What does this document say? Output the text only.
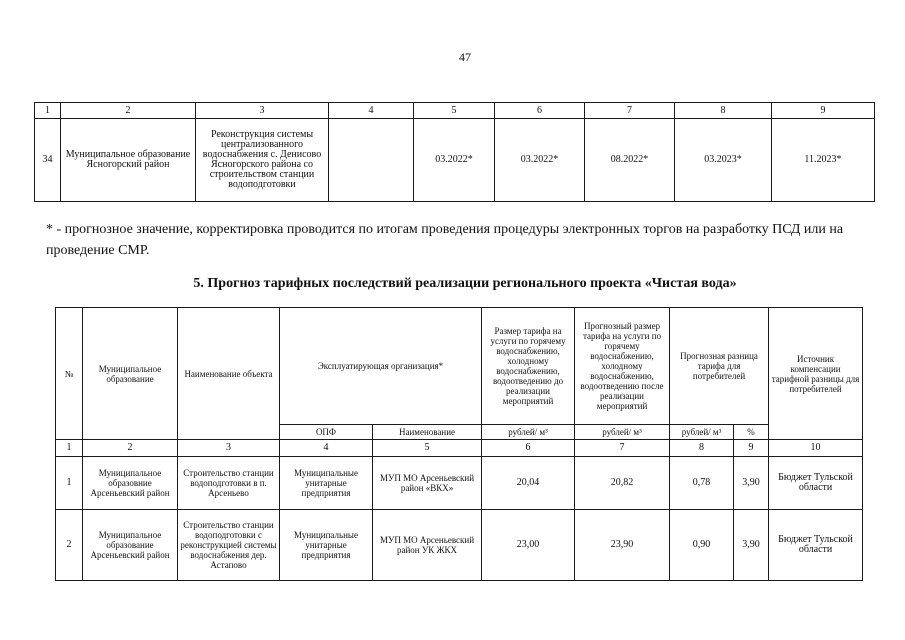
47
1	2	3	4	5	6	7	8	9
34	Муниципальное образование Ясногорский район	Реконструкция системы централизованного водоснабжения с. Денисово Ясногорского района со строительством станции водоподготовки		03.2022*	03.2022*	08.2022*	03.2023*	11.2023*
* - прогнозное значение, корректировка проводится по итогам проведения процедуры электронных торгов на разработку ПСД или на проведение СМР.
5. Прогноз тарифных последствий реализации регионального проекта «Чистая вода»
№	Муниципальное образование	Наименование объекта	Эксплуатирующая организация*		Размер тарифа на услуги по горячему водоснабжению, холодному водоснабжению, водоотведению до реализации мероприятий	Прогнозный размер тарифа на услуги по горячему водоснабжению, холодному водоснабжению, водоотведению после реализации мероприятий	Прогнозная разница тарифа для потребителей		Источник компенсации тарифной разницы для потребителей
			ОПФ	Наименование	рублей/ м³	рублей/ м³	рублей/ м³	%	
1	2	3	4	5	6	7	8	9	10
1	Муниципальное образовние Арсеньевский район	Строительство станции водоподготовки в п. Арсеньево	Муниципальные унитарные предприятия	МУП МО Арсеньевский район «ВКХ»	20,04	20,82	0,78	3,90	Бюджет Тульской области
2	Муниципальное образование Арсеньевский район	Строительство станции водоподготовки с реконструкцией системы водоснабжения дер. Астапово	Муниципальные унитарные предприятия	МУП МО Арсеньевский район УК ЖКХ	23,00	23,90	0,90	3,90	Бюджет Тульской области
